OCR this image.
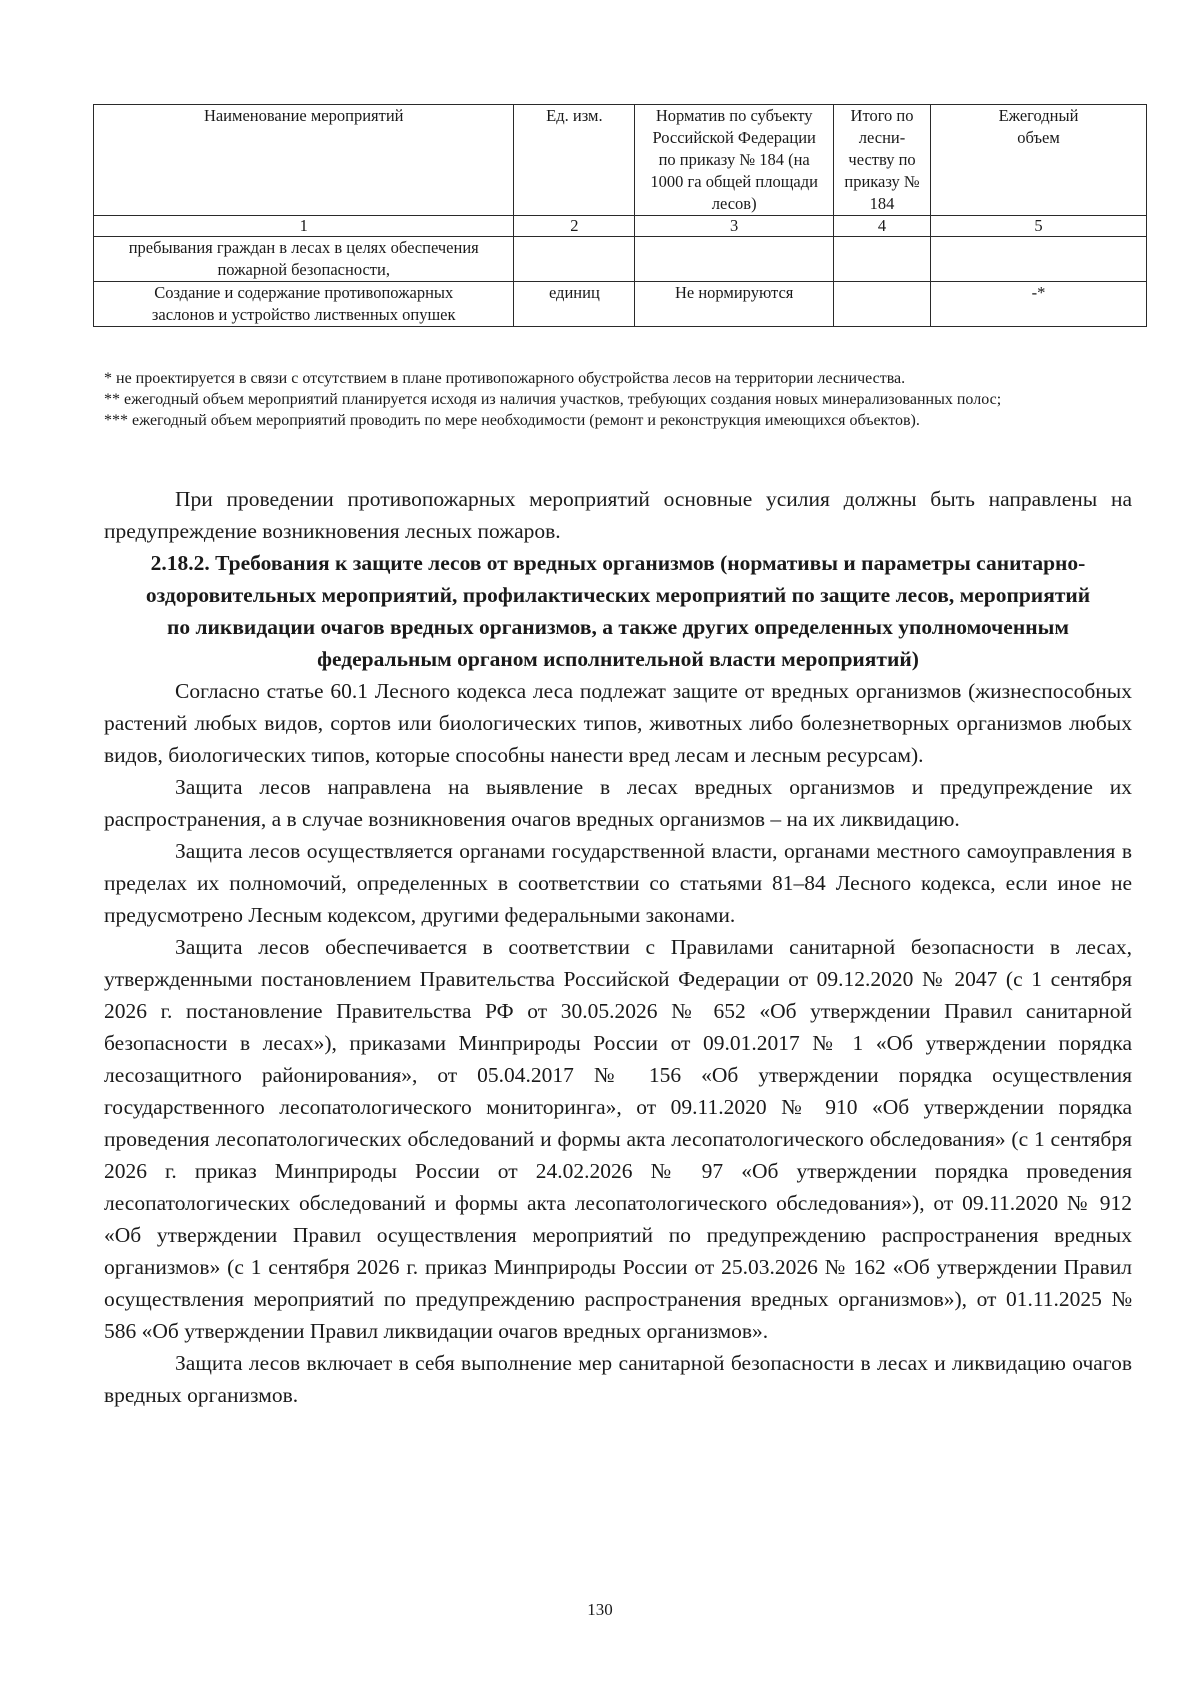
Наименование мероприятий	Ед. изм.	Норматив по субъекту Российской Федерации по приказу № 184 (на 1000 га общей площади лесов)	Итого по лесни-честву по приказу № 184	Ежегодный объем
1	2	3	4	5
пребывания граждан в лесах в целях обеспечения пожарной безопасности,				
Создание и содержание противопожарных заслонов и устройство лиственных опушек	единиц	Не нормируются		-*

* не проектируется в связи с отсутствием в плане противопожарного обустройства лесов на территории лесничества.

** ежегодный объем мероприятий планируется исходя из наличия участков, требующих создания новых минерализованных полос;

*** ежегодный объем мероприятий проводить по мере необходимости (ремонт и реконструкция имеющихся объектов).

При проведении противопожарных мероприятий основные усилия должны быть направлены на предупреждение возникновения лесных пожаров.

2.18.2. Требования к защите лесов от вредных организмов (нормативы и параметры санитарно-оздоровительных мероприятий, профилактических мероприятий по защите лесов, мероприятий по ликвидации очагов вредных организмов, а также других определенных уполномоченным федеральным органом исполнительной власти мероприятий)

Согласно статье 60.1 Лесного кодекса леса подлежат защите от вредных организмов (жизнеспособных растений любых видов, сортов или биологических типов, животных либо болезнетворных организмов любых видов, биологических типов, которые способны нанести вред лесам и лесным ресурсам).

Защита лесов направлена на выявление в лесах вредных организмов и предупреждение их распространения, а в случае возникновения очагов вредных организмов – на их ликвидацию.

Защита лесов осуществляется органами государственной власти, органами местного самоуправления в пределах их полномочий, определенных в соответствии со статьями 81–84 Лесного кодекса, если иное не предусмотрено Лесным кодексом, другими федеральными законами.

Защита лесов обеспечивается в соответствии с Правилами санитарной безопасности в лесах, утвержденными постановлением Правительства Российской Федерации от 09.12.2020 № 2047 (с 1 сентября 2026 г. постановление Правительства РФ от 30.05.2026 № 652 «Об утверждении Правил санитарной безопасности в лесах»), приказами Минприроды России от 09.01.2017 № 1 «Об утверждении порядка лесозащитного районирования», от 05.04.2017 № 156 «Об утверждении порядка осуществления государственного лесопатологического мониторинга», от 09.11.2020 № 910 «Об утверждении порядка проведения лесопатологических обследований и формы акта лесопатологического обследования» (с 1 сентября 2026 г. приказ Минприроды России от 24.02.2026 № 97 «Об утверждении порядка проведения лесопатологических обследований и формы акта лесопатологического обследования»), от 09.11.2020 № 912 «Об утверждении Правил осуществления мероприятий по предупреждению распространения вредных организмов» (с 1 сентября 2026 г. приказ Минприроды России от 25.03.2026 № 162 «Об утверждении Правил осуществления мероприятий по предупреждению распространения вредных организмов»), от 01.11.2025 № 586 «Об утверждении Правил ликвидации очагов вредных организмов».

Защита лесов включает в себя выполнение мер санитарной безопасности в лесах и ликвидацию очагов вредных организмов.

130
